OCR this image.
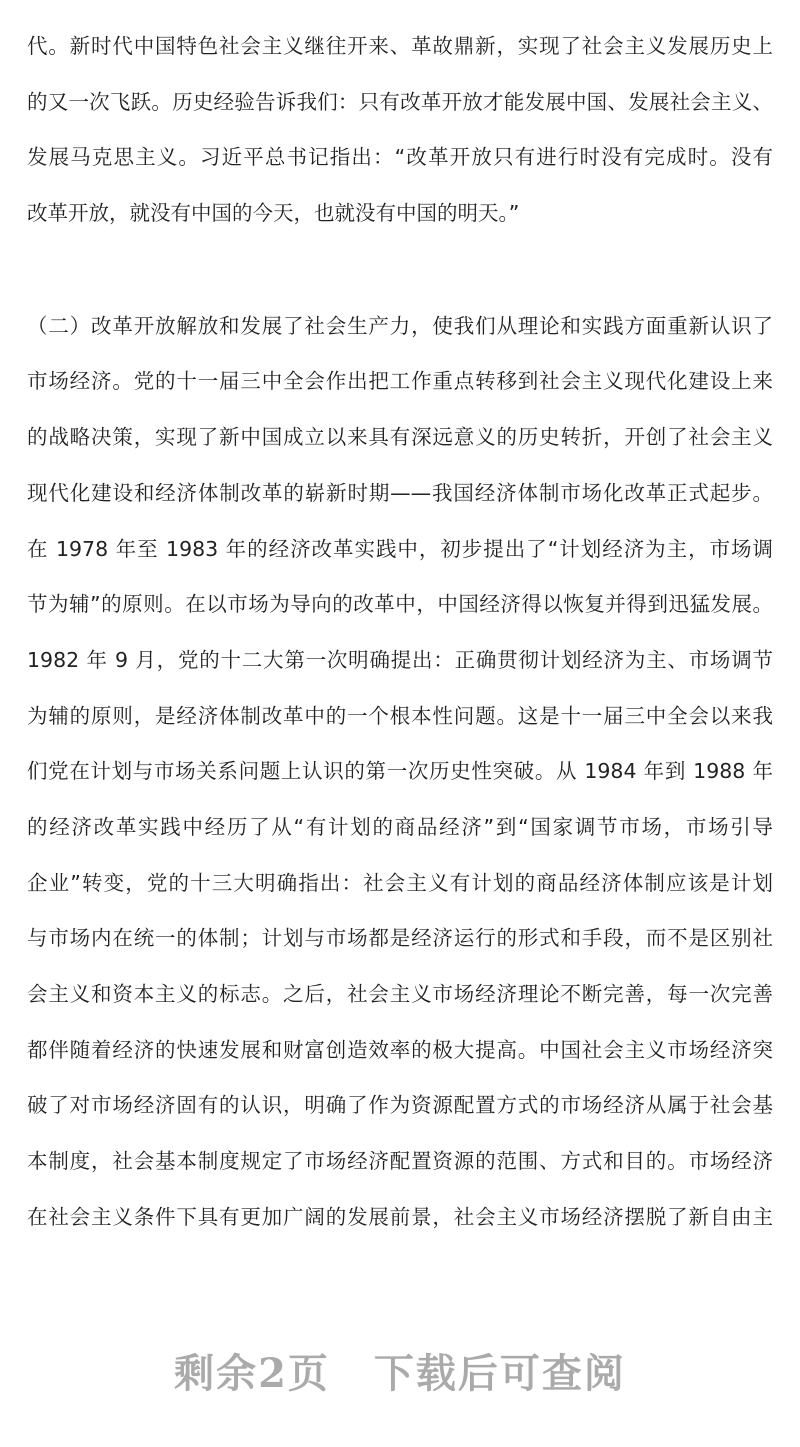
代。新时代中国特色社会主义继往开来、革故鼎新，实现了社会主义发展历史上
的又一次飞跃。历史经验告诉我们：只有改革开放才能发展中国、发展社会主义、
发展马克思主义。习近平总书记指出：“改革开放只有进行时没有完成时。没有
改革开放，就没有中国的今天，也就没有中国的明天。”
（二）改革开放解放和发展了社会生产力，使我们从理论和实践方面重新认识了
市场经济。党的十一届三中全会作出把工作重点转移到社会主义现代化建设上来
的战略决策，实现了新中国成立以来具有深远意义的历史转折，开创了社会主义
现代化建设和经济体制改革的崭新时期——我国经济体制市场化改革正式起步。
在 1978 年至 1983 年的经济改革实践中，初步提出了“计划经济为主，市场调
节为辅”的原则。在以市场为导向的改革中，中国经济得以恢复并得到迅猛发展。
1982 年 9 月，党的十二大第一次明确提出：正确贯彻计划经济为主、市场调节
为辅的原则，是经济体制改革中的一个根本性问题。这是十一届三中全会以来我
们党在计划与市场关系问题上认识的第一次历史性突破。从 1984 年到 1988 年
的经济改革实践中经历了从“有计划的商品经济”到“国家调节市场，市场引导
企业”转变，党的十三大明确指出：社会主义有计划的商品经济体制应该是计划
与市场内在统一的体制；计划与市场都是经济运行的形式和手段，而不是区别社
会主义和资本主义的标志。之后，社会主义市场经济理论不断完善，每一次完善
都伴随着经济的快速发展和财富创造效率的极大提高。中国社会主义市场经济突
破了对市场经济固有的认识，明确了作为资源配置方式的市场经济从属于社会基
本制度，社会基本制度规定了市场经济配置资源的范围、方式和目的。市场经济
在社会主义条件下具有更加广阔的发展前景，社会主义市场经济摆脱了新自由主
剩余2页 下载后可查阅
